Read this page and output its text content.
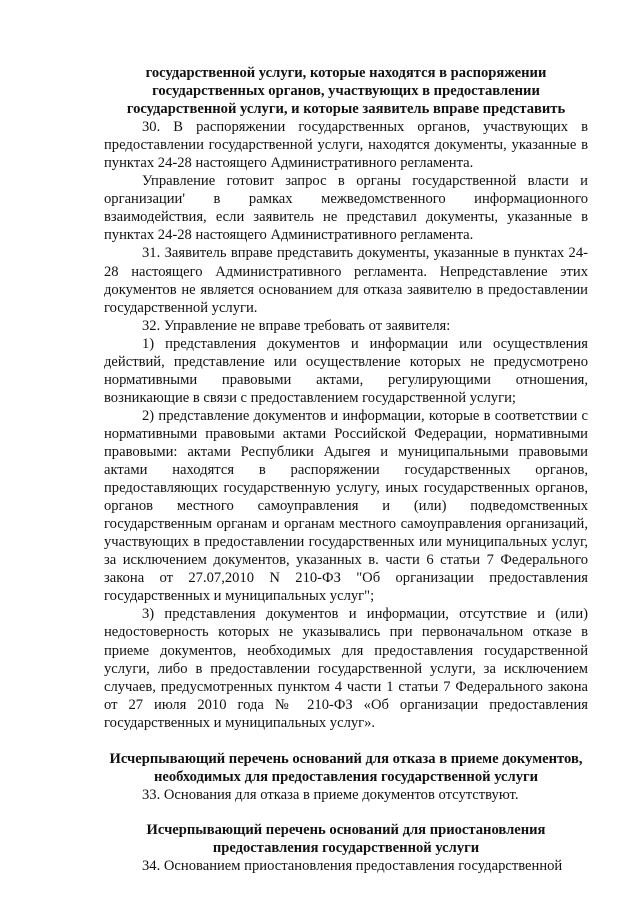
государственной услуги, которые находятся в распоряжении государственных органов, участвующих в предоставлении государственной услуги, и которые заявитель вправе представить
30. В распоряжении государственных органов, участвующих в предоставлении государственной услуги, находятся документы, указанные в пунктах 24-28 настоящего Административного регламента.
Управление готовит запрос в органы государственной власти и организации' в рамках межведомственного информационного взаимодействия, если заявитель не представил документы, указанные в пунктах 24-28 настоящего Административного регламента.
31. Заявитель вправе представить документы, указанные в пунктах 24-28 настоящего Административного регламента. Непредставление этих документов не является основанием для отказа заявителю в предоставлении государственной услуги.
32. Управление не вправе требовать от заявителя:
1) представления документов и информации или осуществления действий, представление или осуществление которых не предусмотрено нормативными правовыми актами, регулирующими отношения, возникающие в связи с предоставлением государственной услуги;
2) представление документов и информации, которые в соответствии с нормативными правовыми актами Российской Федерации, нормативными правовыми: актами Республики Адыгея и муниципальными правовыми актами находятся в распоряжении государственных органов, предоставляющих государственную услугу, иных государственных органов, органов местного самоуправления и (или) подведомственных государственным органам и органам местного самоуправления организаций, участвующих в предоставлении государственных или муниципальных услуг, за исключением документов, указанных в. части 6 статьи 7 Федерального закона от 27.07,2010 N 210-ФЗ "Об организации предоставления государственных и муниципальных услуг";
3) представления документов и информации, отсутствие и (или) недостоверность которых не указывались при первоначальном отказе в приеме документов, необходимых для предоставления государственной услуги, либо в предоставлении государственной услуги, за исключением случаев, предусмотренных пунктом 4 части 1 статьи 7 Федерального закона от 27 июля 2010 года № 210-ФЗ «Об организации предоставления государственных и муниципальных услуг».
Исчерпывающий перечень оснований для отказа в приеме документов, необходимых для предоставления государственной услуги
33. Основания для отказа в приеме документов отсутствуют.
Исчерпывающий перечень оснований для приостановления предоставления государственной услуги
34. Основанием приостановления предоставления государственной
